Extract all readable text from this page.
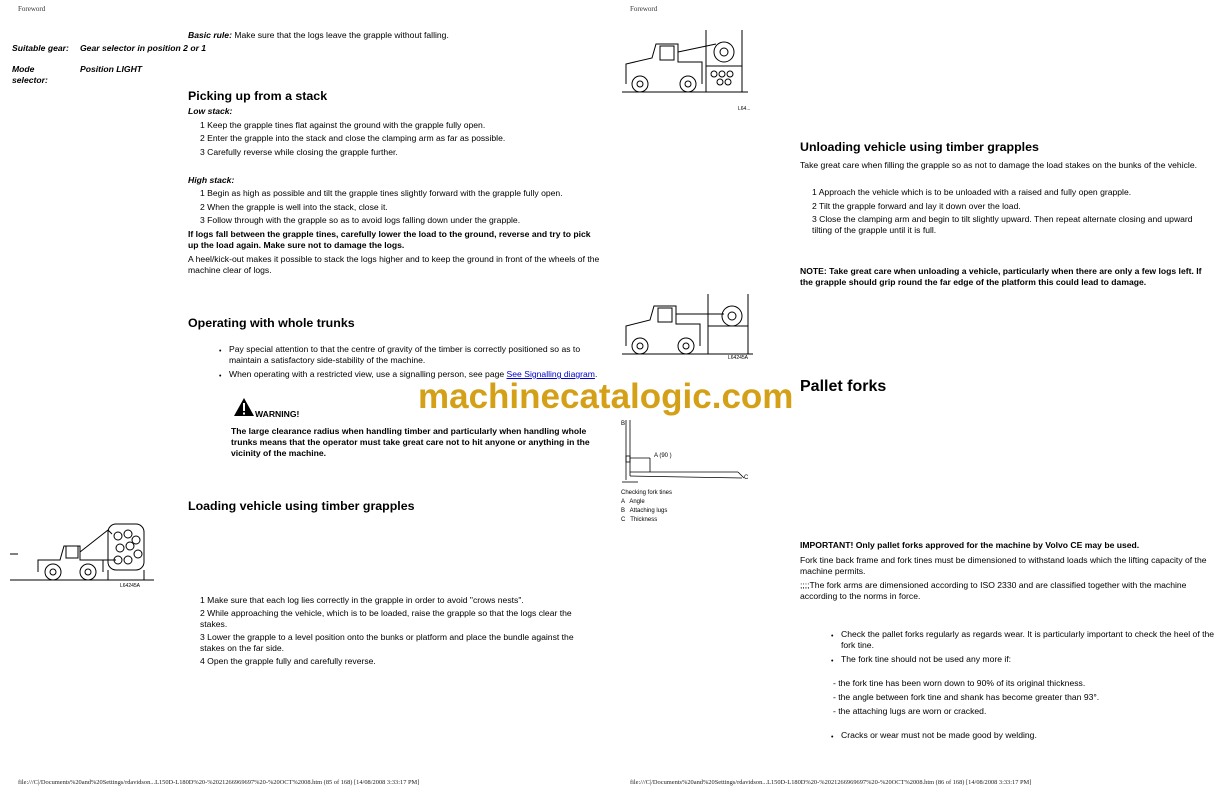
Foreword
Basic rule: Make sure that the logs leave the grapple without falling.
Suitable gear:	Gear selector in position 2 or 1
Mode selector:
Position LIGHT
Picking up from a stack
Low stack:
1 Keep the grapple tines flat against the ground with the grapple fully open.
2 Enter the grapple into the stack and close the clamping arm as far as possible.
3 Carefully reverse while closing the grapple further.
High stack:
1 Begin as high as possible and tilt the grapple tines slightly forward with the grapple fully open.
2 When the grapple is well into the stack, close it.
3 Follow through with the grapple so as to avoid logs falling down under the grapple.
If logs fall between the grapple tines, carefully lower the load to the ground, reverse and try to pick up the load again. Make sure not to damage the logs.
A heel/kick-out makes it possible to stack the logs higher and to keep the ground in front of the wheels of the machine clear of logs.
Operating with whole trunks
• Pay special attention to that the centre of gravity of the timber is correctly positioned so as to maintain a satisfactory side-stability of the machine.
• When operating with a restricted view, use a signalling person, see page See Signalling diagram.
WARNING!
The large clearance radius when handling timber and particularly when handling whole trunks means that the operator must take great care not to hit anyone or anything in the vicinity of the machine.
Loading vehicle using timber grapples
L64245A
1 Make sure that each log lies correctly in the grapple in order to avoid "crows nests".
2 While approaching the vehicle, which is to be loaded, raise the grapple so that the logs clear the stakes.
3 Lower the grapple to a level position onto the bunks or platform and place the bundle against the stakes on the far side.
4 Open the grapple fully and carefully reverse.
file:///C|/Documents%20and%20Settings/rdavidson...L150D-L180D%20-%2021266969697%20-%20OCT%2008.htm (85 of 168) [14/08/2008 3:33:17 PM]
Foreword
L64...
Unloading vehicle using timber grapples
Take great care when filling the grapple so as not to damage the load stakes on the bunks of the vehicle.
1 Approach the vehicle which is to be unloaded with a raised and fully open grapple.
2 Tilt the grapple forward and lay it down over the load.
3 Close the clamping arm and begin to tilt slightly upward. Then repeat alternate closing and upward tilting of the grapple until it is full.
NOTE: Take great care when unloading a vehicle, particularly when there are only a few logs left. If the grapple should grip round the far edge of the platform this could lead to damage.
L64245A
Pallet forks
B
A (90 )
C
Checking fork tines
A   Angle
B   Attaching lugs
C   Thickness
IMPORTANT! Only pallet forks approved for the machine by Volvo CE may be used.
Fork tine back frame and fork tines must be dimensioned to withstand loads which the lifting capacity of the machine permits.
;;;;The fork arms are dimensioned according to ISO 2330 and are classified together with the machine according to the norms in force.
• Check the pallet forks regularly as regards wear. It is particularly important to check the heel of the fork tine.
• The fork tine should not be used any more if:
- the fork tine has been worn down to 90% of its original thickness.
- the angle between fork tine and shank has become greater than 93°.
- the attaching lugs are worn or cracked.
• Cracks or wear must not be made good by welding.
file:///C|/Documents%20and%20Settings/rdavidson...L150D-L180D%20-%2021266969697%20-%20OCT%2008.htm (86 of 168) [14/08/2008 3:33:17 PM]
machinecatalogic.com
